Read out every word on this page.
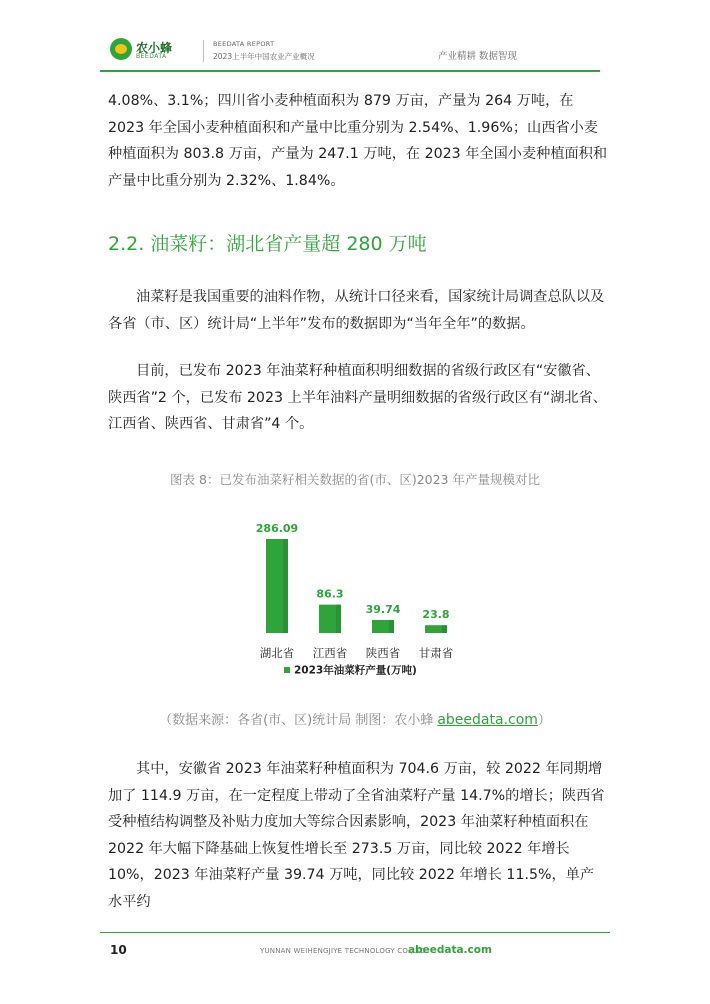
农小蜂
BEEDATA
BEEDATA REPORT
2023上半年中国农业产业概况	产业精耕 数据智现

4.08%、3.1%；四川省小麦种植面积为 879 万亩，产量为 264 万吨，在 2023 年全国小麦种植面积和产量中比重分别为 2.54%、1.96%；山西省小麦种植面积为 803.8 万亩，产量为 247.1 万吨，在 2023 年全国小麦种植面积和产量中比重分别为 2.32%、1.84%。

2.2. 油菜籽：湖北省产量超 280 万吨

油菜籽是我国重要的油料作物，从统计口径来看，国家统计局调查总队以及各省（市、区）统计局“上半年”发布的数据即为“当年全年”的数据。

目前，已发布 2023 年油菜籽种植面积明细数据的省级行政区有“安徽省、陕西省”2 个，已发布 2023 上半年油料产量明细数据的省级行政区有“湖北省、江西省、陕西省、甘肃省”4 个。

图表 8：已发布油菜籽相关数据的省(市、区)2023 年产量规模对比
286.09
湖北省
86.3
江西省
39.74
陕西省
23.8
甘肃省
2023年油菜籽产量(万吨)
（数据来源：各省(市、区)统计局 制图：农小蜂 abeedata.com）

其中，安徽省 2023 年油菜籽种植面积为 704.6 万亩，较 2022 年同期增加了 114.9 万亩，在一定程度上带动了全省油菜籽产量 14.7%的增长；陕西省受种植结构调整及补贴力度加大等综合因素影响，2023 年油菜籽种植面积在 2022 年大幅下降基础上恢复性增长至 273.5 万亩，同比较 2022 年增长 10%，2023 年油菜籽产量 39.74 万吨，同比较 2022 年增长 11.5%，单产水平约

10	YUNNAN WEIHENGJIYE TECHNOLOGY CO.,LTD.
abeedata.com
